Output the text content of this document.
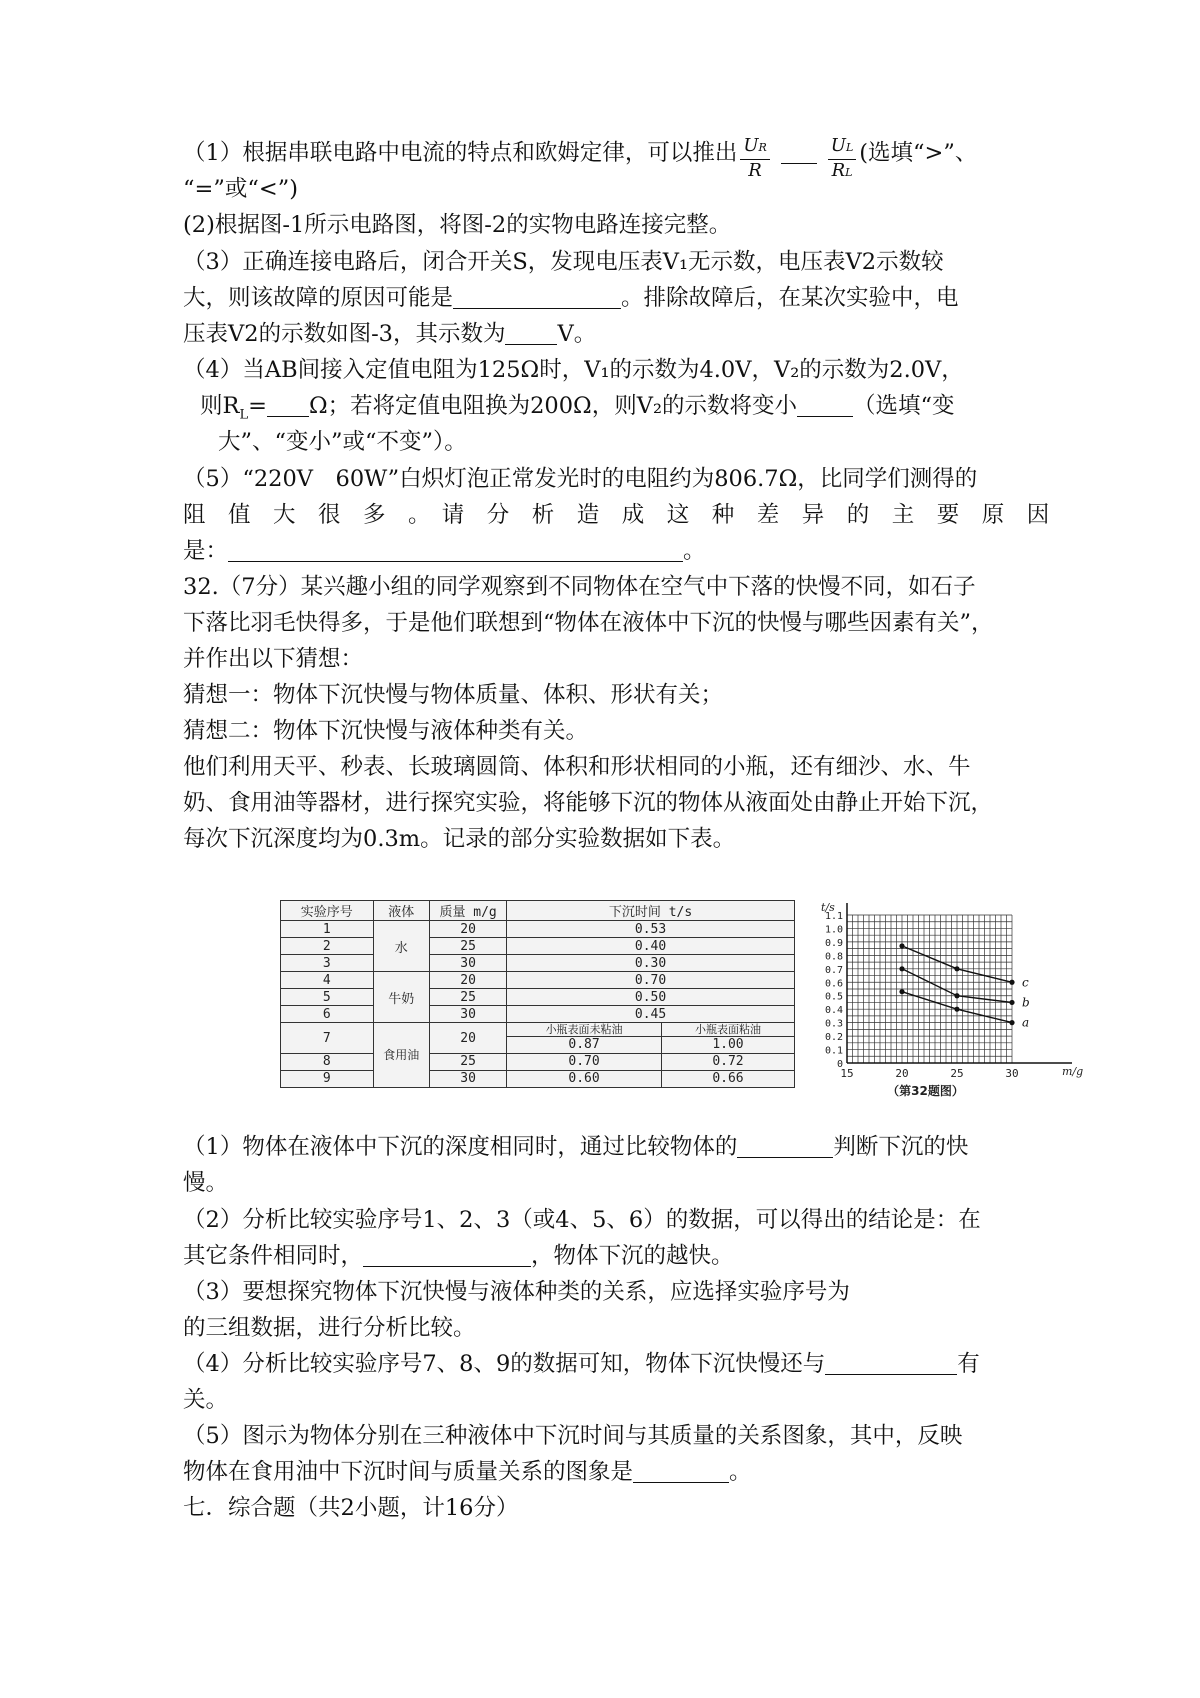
（1）根据串联电路中电流的特点和欧姆定律，可以推出 $\frac{UR}{R}$	UL
RL(选填“>”、
“=”或“<”)
(2)根据图-1所示电路图，将图-2的实物电路连接完整。
（3）正确连接电路后，闭合开关S，发现电压表V₁无示数，电压表V2示数较
大，则该故障的原因可能是	。排除故障后，在某次实验中，电
压表V2的示数如图-3，其示数为 V。
（4）当AB间接入定值电阻为125Ω时，V₁的示数为4.0V，V₂的示数为2.0V，
则$R_L= \Omega$；若将定值电阻换为200Ω，则V₂的示数将变小 （选填“变
大”、“变小”或“不变”）。
（5）“220V　60W”白炽灯泡正常发光时的电阻约为806.7Ω，比同学们测得的
阻　值　大　很　多　。　请　分　析　造　成　这　种　差　异　的　主　要　原　因
是：	。
32.（7分）某兴趣小组的同学观察到不同物体在空气中下落的快慢不同，如石子
下落比羽毛快得多，于是他们联想到“物体在液体中下沉的快慢与哪些因素有关”，
并作出以下猜想：
猜想一：物体下沉快慢与物体质量、体积、形状有关；
猜想二：物体下沉快慢与液体种类有关。
他们利用天平、秒表、长玻璃圆筒、体积和形状相同的小瓶，还有细沙、水、牛
奶、食用油等器材，进行探究实验，将能够下沉的物体从液面处由静止开始下沉，
每次下沉深度均为0.3m。记录的部分实验数据如下表。
实验序号	液体	质量 m/g	下沉时间 t/s	
1	水	20	0.53	
2		25	0.40	
3		30	0.30	
4	牛奶	20	0.70	
5		25	0.50	
6		30	0.45	
7	食用油	20	小瓶表面未粘油	小瓶表面粘油
			0.87	1.00
8		25	0.70	0.72
9		30	0.60	0.66
0
0.1
0.2
0.3
0.4
0.5
0.6
0.7
0.8
0.9
1.0
1.1
15	20	25	30
t/s
m/g
（第32题图）
c
b
a
（1）物体在液体中下沉的深度相同时，通过比较物体的	判断下沉的快
慢。
（2）分析比较实验序号1、2、3（或4、5、6）的数据，可以得出的结论是：在
其它条件相同时，	，物体下沉的越快。
（3）要想探究物体下沉快慢与液体种类的关系，应选择实验序号为
的三组数据，进行分析比较。
（4）分析比较实验序号7、8、9的数据可知，物体下沉快慢还与	有
关。
（5）图示为物体分别在三种液体中下沉时间与其质量的关系图象，其中，反映
物体在食用油中下沉时间与质量关系的图象是	。
七．综合题（共2小题，计16分）
